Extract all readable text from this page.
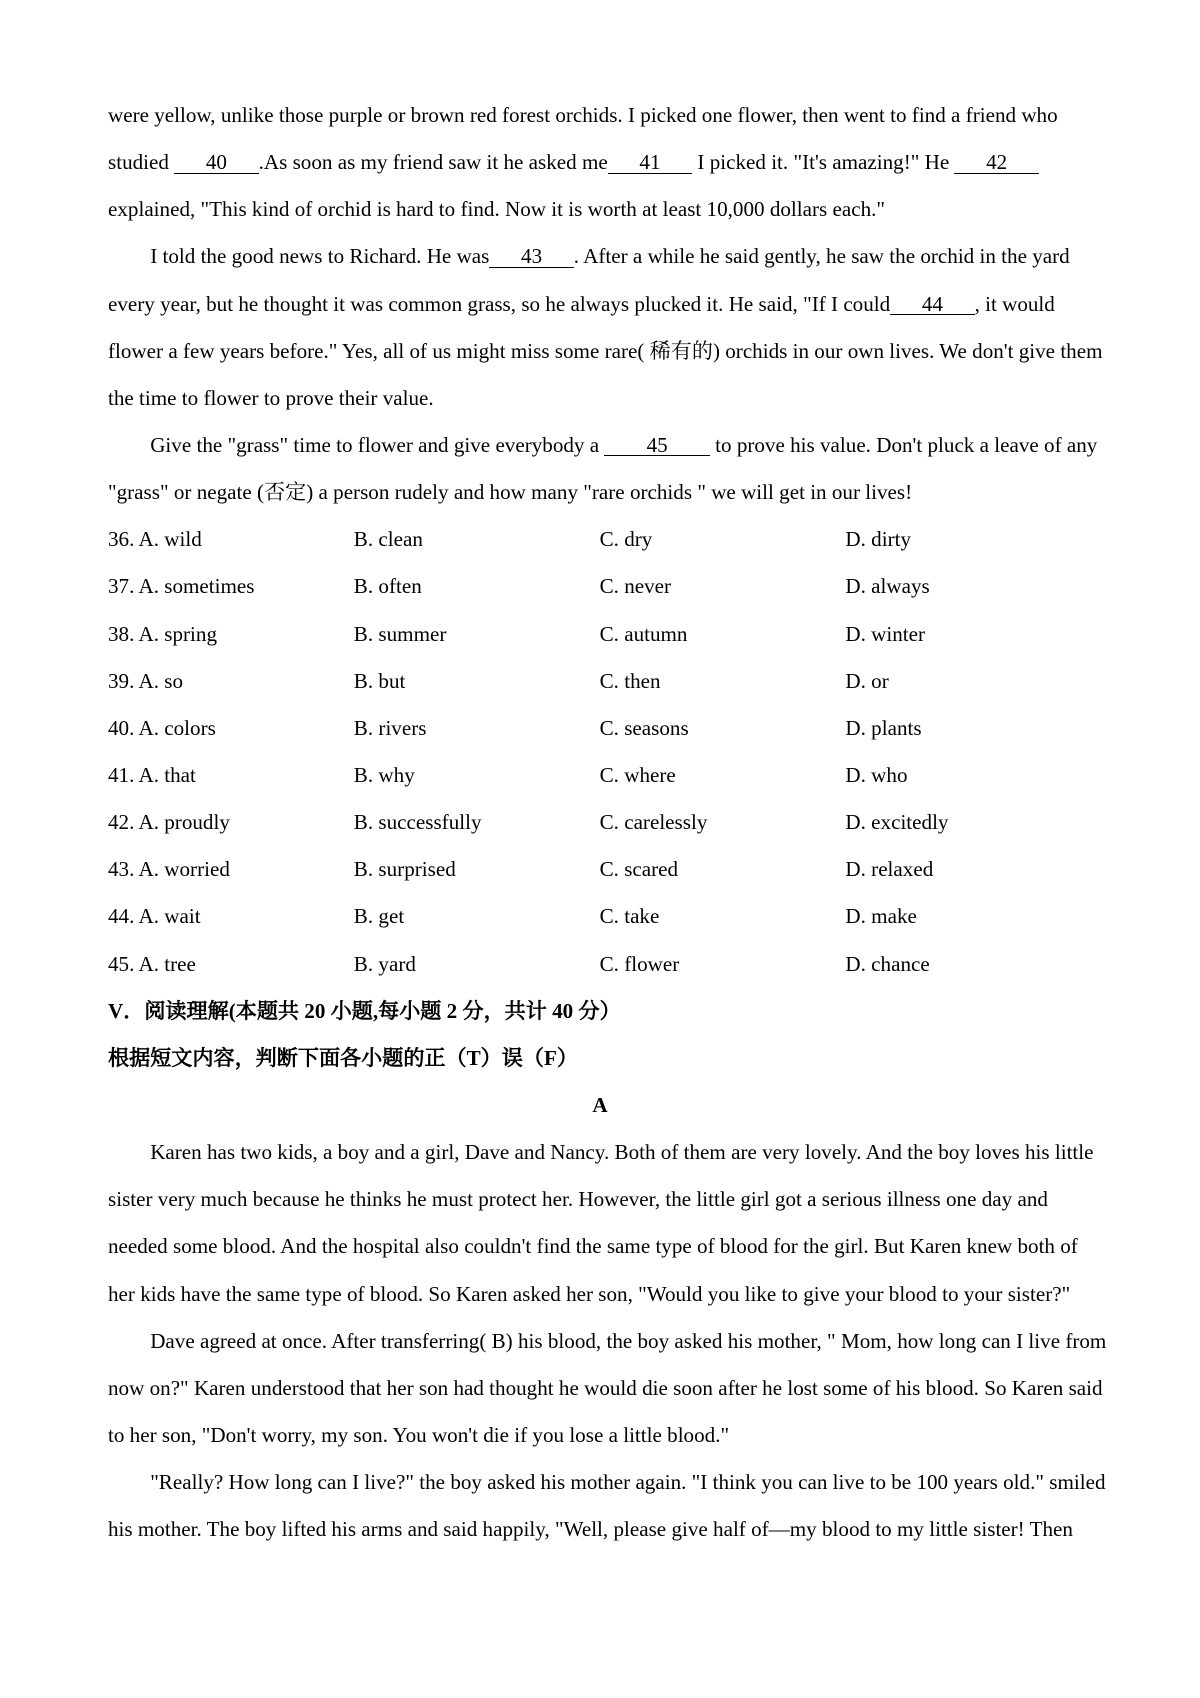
were yellow, unlike those purple or brown red forest orchids. I picked one flower, then went to find a friend who
studied 40 .As soon as my friend saw it he asked me 41 I picked it. "It's amazing!" He 42
explained, "This kind of orchid is hard to find. Now it is worth at least 10,000 dollars each."
I told the good news to Richard. He was 43 . After a while he said gently, he saw the orchid in the yard
every year, but he thought it was common grass, so he always plucked it. He said, "If I could 44 , it would
flower a few years before." Yes, all of us might miss some rare( 稀有的) orchids in our own lives. We don't give them
the time to flower to prove their value.
Give the "grass" time to flower and give everybody a 45 to prove his value. Don't pluck a leave of any
"grass" or negate (否定) a person rudely and how many "rare orchids " we will get in our lives!
36. A. wild	B. clean	C. dry	D. dirty
37. A. sometimes	B. often	C. never	D. always
38. A. spring	B. summer	C. autumn	D. winter
39. A. so	B. but	C. then	D. or
40. A. colors	B. rivers	C. seasons	D. plants
41. A. that	B. why	C. where	D. who
42. A. proudly	B. successfully	C. carelessly	D. excitedly
43. A. worried	B. surprised	C. scared	D. relaxed
44. A. wait	B. get	C. take	D. make
45. A. tree	B. yard	C. flower	D. chance
V．阅读理解(本题共 20 小题,每小题 2 分，共计 40 分）
根据短文内容，判断下面各小题的正（T）误（F）
A
Karen has two kids, a boy and a girl, Dave and Nancy. Both of them are very lovely. And the boy loves his little
sister very much because he thinks he must protect her. However, the little girl got a serious illness one day and
needed some blood. And the hospital also couldn't find the same type of blood for the girl. But Karen knew both of
her kids have the same type of blood. So Karen asked her son, "Would you like to give your blood to your sister?"
Dave agreed at once. After transferring( B) his blood, the boy asked his mother, " Mom, how long can I live from
now on?" Karen understood that her son had thought he would die soon after he lost some of his blood. So Karen said
to her son, "Don't worry, my son. You won't die if you lose a little blood."
"Really? How long can I live?" the boy asked his mother again. "I think you can live to be 100 years old." smiled
his mother. The boy lifted his arms and said happily, "Well, please give half of—my blood to my little sister! Then
